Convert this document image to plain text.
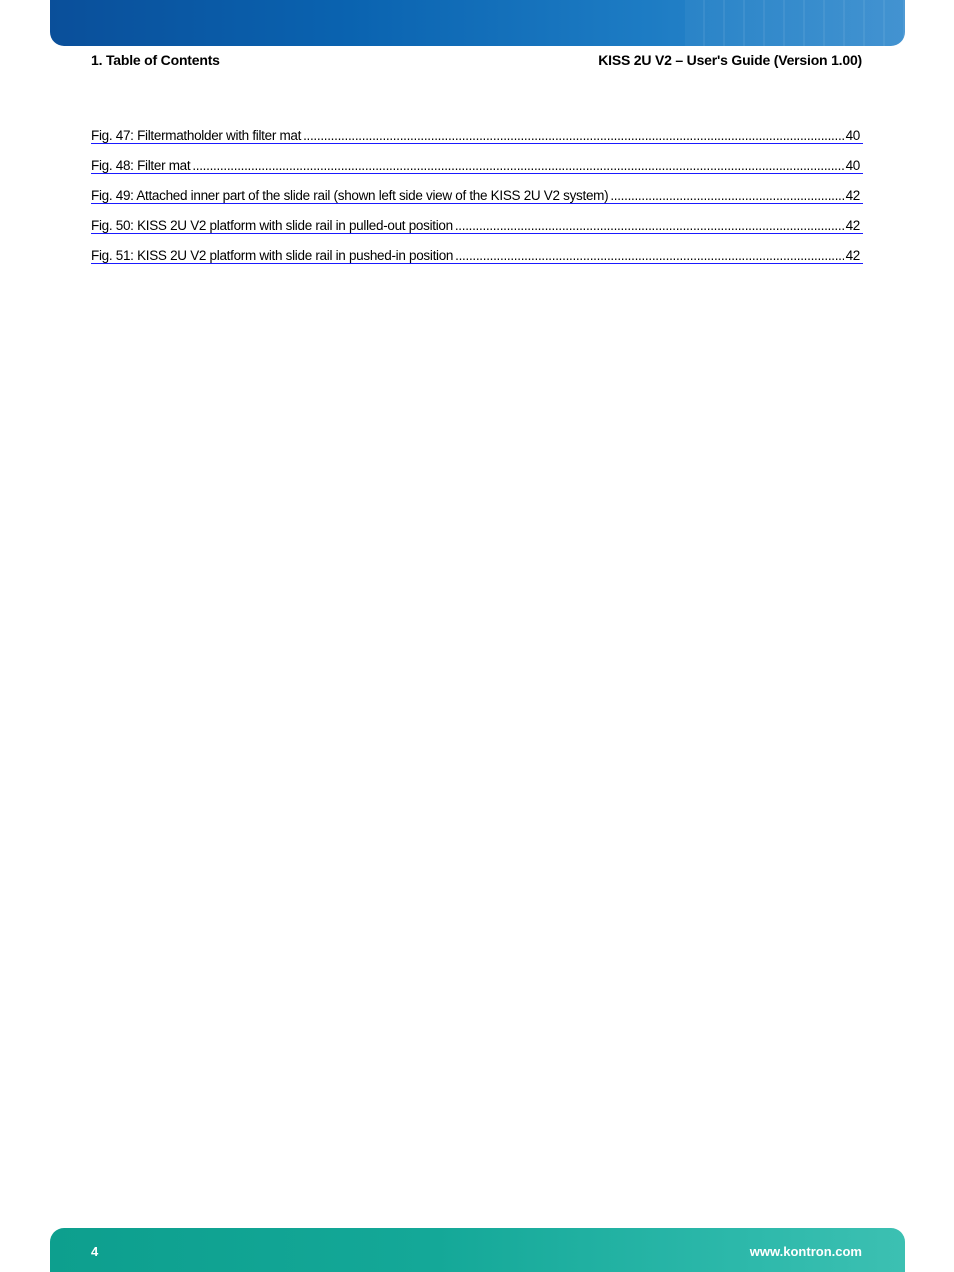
1. Table of Contents	KISS 2U V2 – User's Guide (Version 1.00)
Fig. 47: Filtermatholder with filter mat .....	40
Fig. 48: Filter mat .....	40
Fig. 49: Attached inner part of the slide rail (shown left side view of the KISS 2U V2 system) .....	42
Fig. 50: KISS 2U V2 platform with slide rail in pulled-out position .....	42
Fig. 51: KISS 2U V2 platform with slide rail in pushed-in position .....	42
4	www.kontron.com
